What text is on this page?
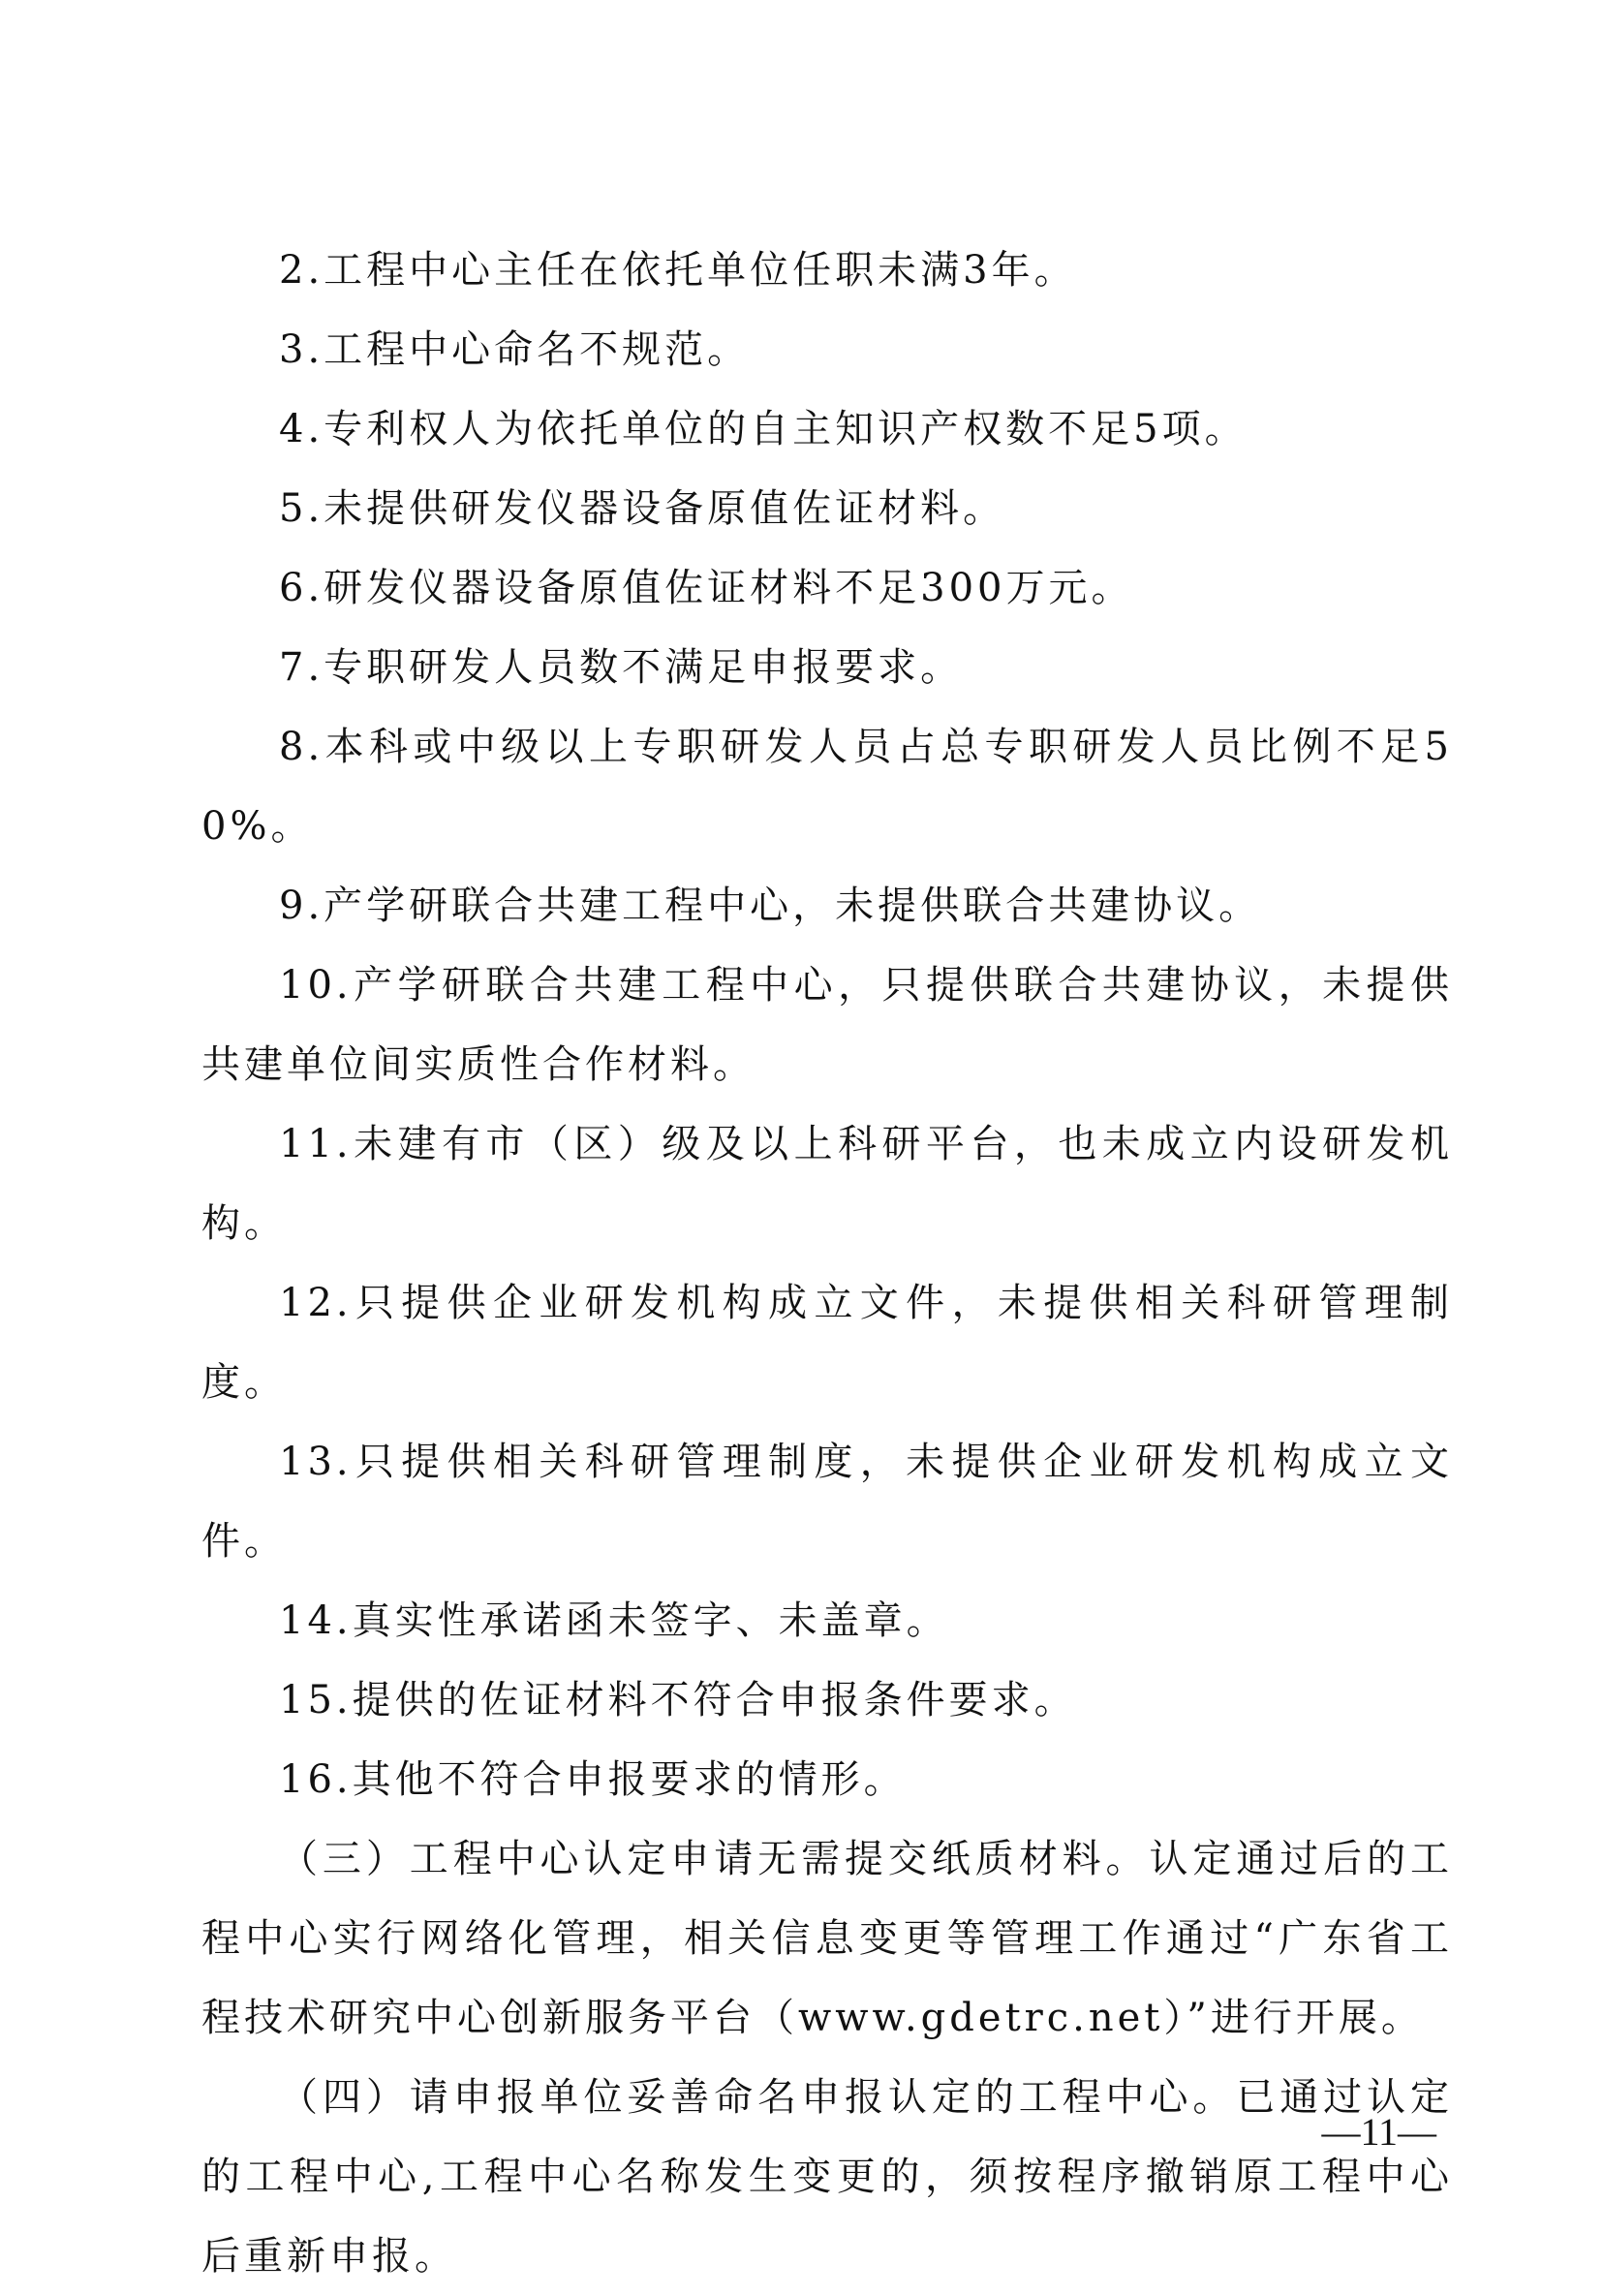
2.工程中心主任在依托单位任职未满3年。

3.工程中心命名不规范。

4.专利权人为依托单位的自主知识产权数不足5项。

5.未提供研发仪器设备原值佐证材料。

6.研发仪器设备原值佐证材料不足300万元。

7.专职研发人员数不满足申报要求。

8.本科或中级以上专职研发人员占总专职研发人员比例不足50%。

9.产学研联合共建工程中心，未提供联合共建协议。

10.产学研联合共建工程中心，只提供联合共建协议，未提供共建单位间实质性合作材料。

11.未建有市（区）级及以上科研平台，也未成立内设研发机构。

12.只提供企业研发机构成立文件，未提供相关科研管理制度。

13.只提供相关科研管理制度，未提供企业研发机构成立文件。

14.真实性承诺函未签字、未盖章。

15.提供的佐证材料不符合申报条件要求。

16.其他不符合申报要求的情形。

（三）工程中心认定申请无需提交纸质材料。认定通过后的工程中心实行网络化管理，相关信息变更等管理工作通过“广东省工程技术研究中心创新服务平台（www.gdetrc.net）”进行开展。

（四）请申报单位妥善命名申报认定的工程中心。已通过认定的工程中心,工程中心名称发生变更的，须按程序撤销原工程中心后重新申报。

—11—
